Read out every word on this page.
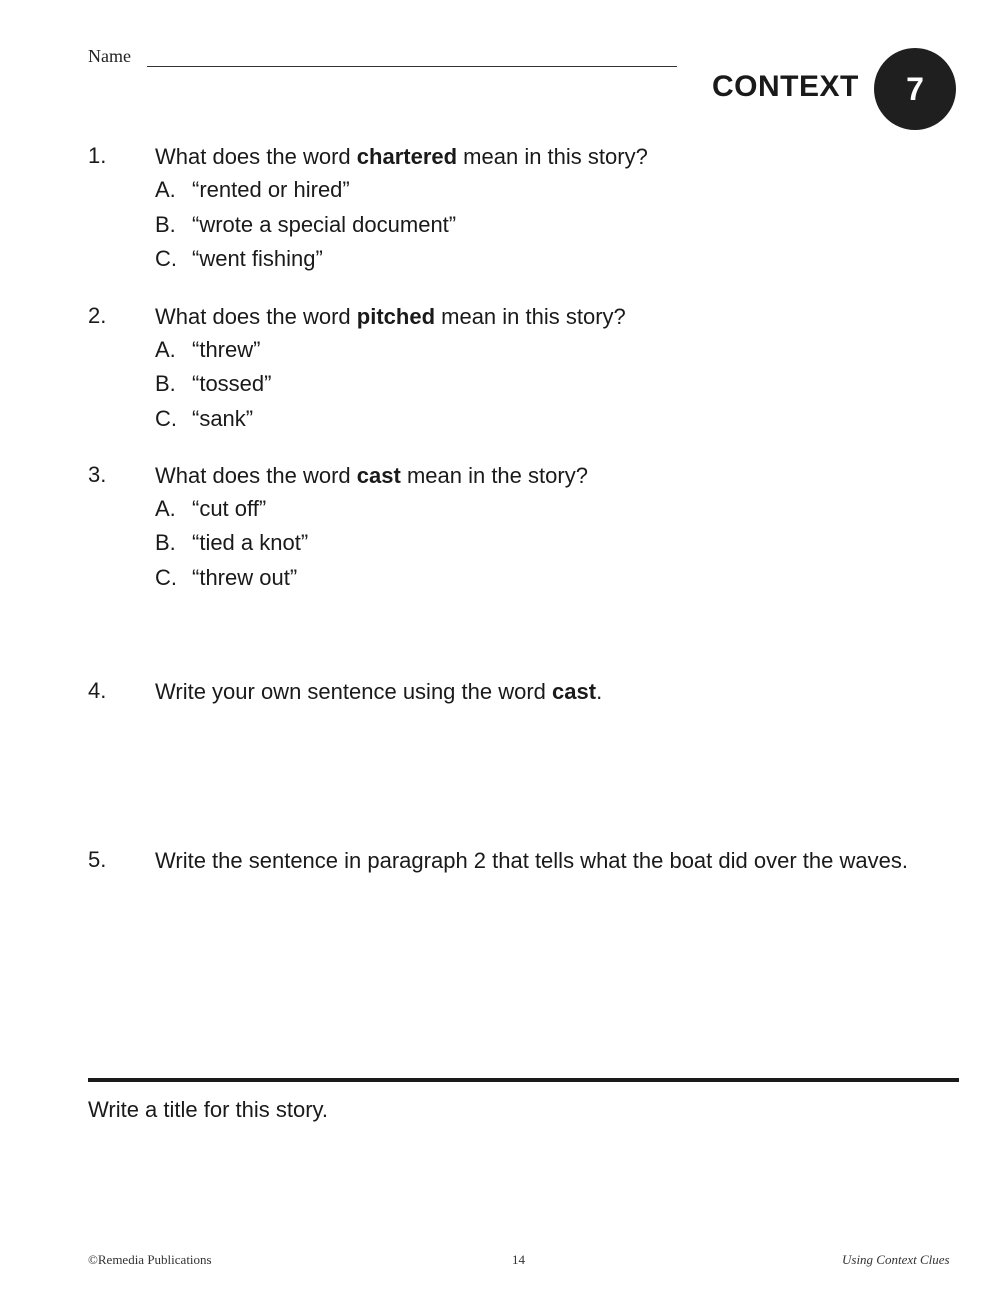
Name
CONTEXT 7
1. What does the word chartered mean in this story?
A. “rented or hired”
B. “wrote a special document”
C. “went fishing”
2. What does the word pitched mean in this story?
A. “threw”
B. “tossed”
C. “sank”
3. What does the word cast mean in the story?
A. “cut off”
B. “tied a knot”
C. “threw out”
4. Write your own sentence using the word cast.
5. Write the sentence in paragraph 2 that tells what the boat did over the waves.
Write a title for this story.
©Remedia Publications	14	Using Context Clues
